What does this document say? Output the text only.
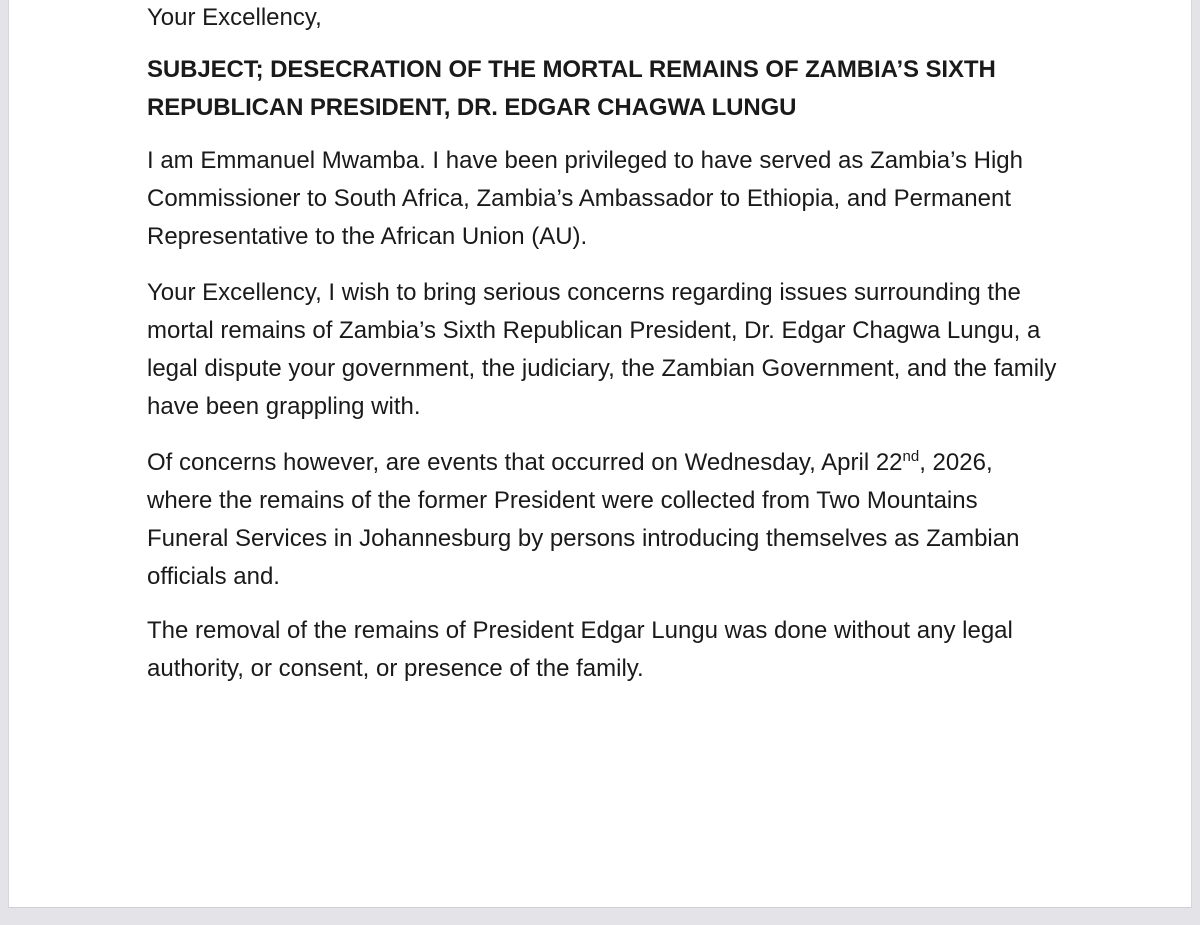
Your Excellency,

SUBJECT; DESECRATION OF THE MORTAL REMAINS OF ZAMBIA’S SIXTH REPUBLICAN PRESIDENT, DR. EDGAR CHAGWA LUNGU

I am Emmanuel Mwamba. I have been privileged to have served as Zambia’s High Commissioner to South Africa, Zambia’s Ambassador to Ethiopia, and Permanent Representative to the African Union (AU).

Your Excellency, I wish to bring serious concerns regarding issues surrounding the mortal remains of Zambia’s Sixth Republican President, Dr. Edgar Chagwa Lungu, a legal dispute your government, the judiciary, the Zambian Government, and the family have been grappling with.

Of concerns however, are events that occurred on Wednesday, April 22nd, 2026, where the remains of the former President were collected from Two Mountains Funeral Services in Johannesburg by persons introducing themselves as Zambian officials and.

The removal of the remains of President Edgar Lungu was done without any legal authority, or consent, or presence of the family.
